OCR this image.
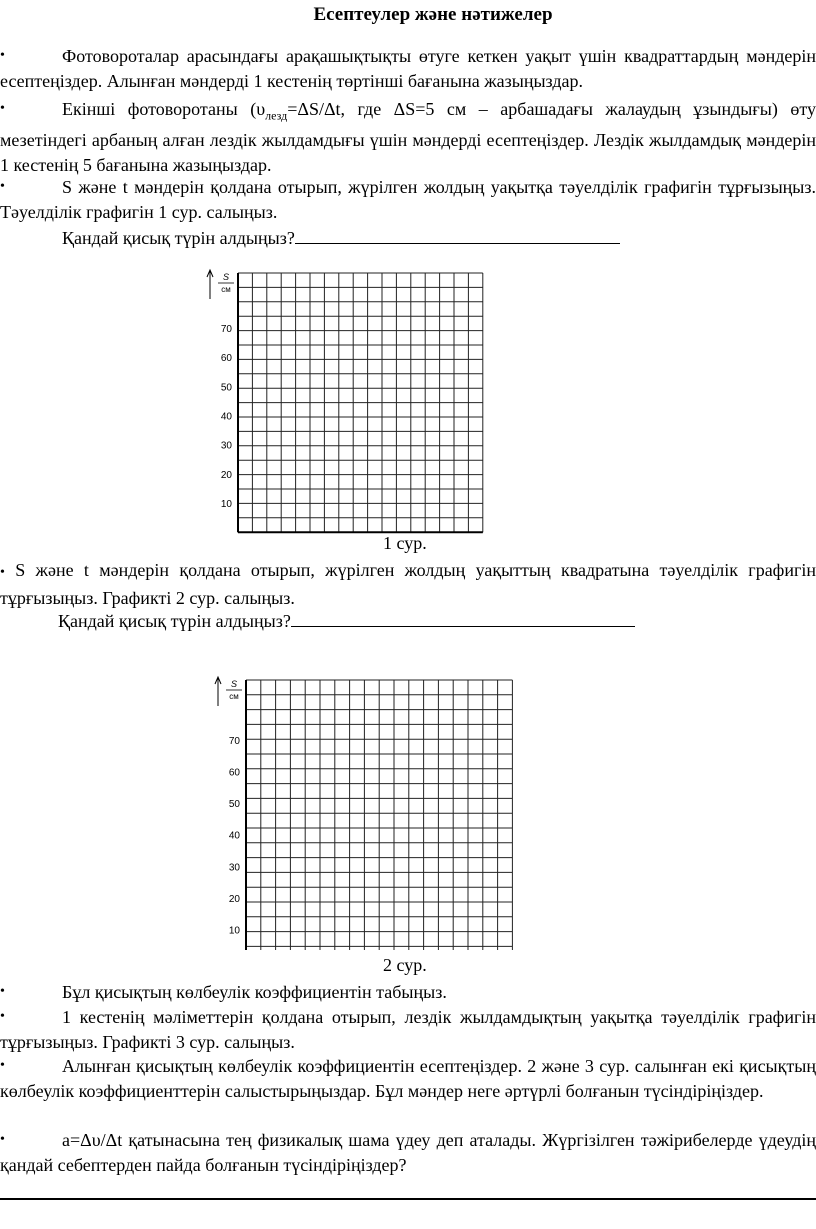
Есептеулер және нәтижелер
•	Фотовороталар арасындағы арақашықтықты өтуге кеткен уақыт үшін квадраттардың мәндерін есептеңіздер. Алынған мәндерді 1 кестенің төртінші бағанына жазыңыздар.
•	Екінші фотоворотаны ($\upsilon_{лезд}=\Delta S/\Delta t$, где ΔS=5 см – арбашадағы жалаудың ұзындығы) өту мезетіндегі арбаның алған лездік жылдамдығы үшін мәндерді есептеңіздер. Лездік жылдамдық мәндерін 1 кестенің 5 бағанына жазыңыздар.
•	S және t мәндерін қолдана отырып, жүрілген жолдың уақытқа тәуелділік графигін тұрғызыңыз. Тәуелділік графигін 1 сур. салыңыз.
Қандай қисық түрін алдыңыз?
70
60
50
40
30
20
10
S
см
1 сур.
• S және t мәндерін қолдана отырып, жүрілген жолдың уақыттың квадратына тәуелділік графигін тұрғызыңыз. Графикті 2 сур. салыңыз.
Қандай қисық түрін алдыңыз?
70
60
50
40
30
20
10
S
см
2 сур.
•	Бұл қисықтың көлбеулік коэффициентін табыңыз.
•	1 кестенің мәліметтерін қолдана отырып, лездік жылдамдықтың уақытқа тәуелділік графигін тұрғызыңыз. Графикті 3 сур. салыңыз.
•	Алынған қисықтың көлбеулік коэффициентін есептеңіздер. 2 және 3 сур. салынған екі қисықтың көлбеулік коэффициенттерін салыстырыңыздар. Бұл мәндер неге әртүрлі болғанын түсіндіріңіздер.
•	a=Δυ/Δt қатынасына тең физикалық шама үдеу деп аталады. Жүргізілген тәжірибелерде үдеудің қандай себептерден пайда болғанын түсіндіріңіздер?
